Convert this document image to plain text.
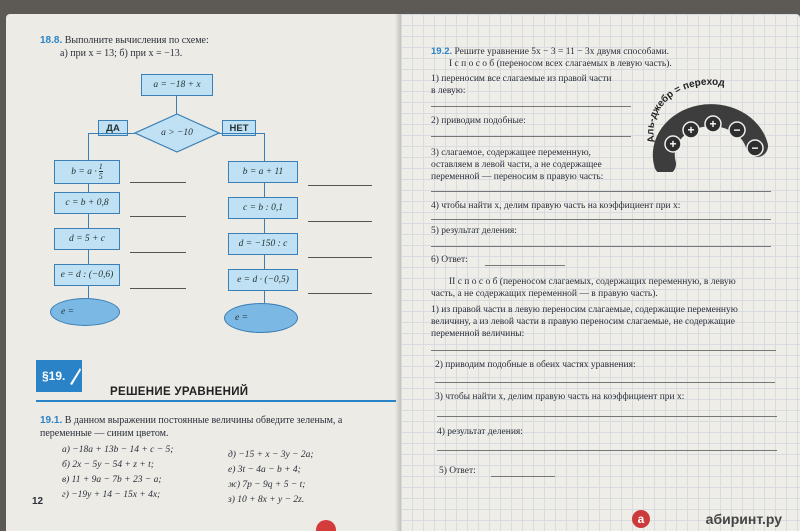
18.8. Выполните вычисления по схеме:
а) при x = 13; б) при x = −13.
a = −18 + x
a > −10
ДА	НЕТ
$b = a \cdot \frac{1}{5}$
c = b + 0,8
d = 5 + c
e = d : (−0,6)
e =
b = a + 11
c = b : 0,1
d = −150 : c
e = d · (−0,5)
e =
§19.
РЕШЕНИЕ УРАВНЕНИЙ
19.1. В данном выражении постоянные величины обведите зеленым, а
переменные — синим цветом.
а) −18a + 13b − 14 + c − 5;
б) 2x − 5y − 54 + z + t;
в) 11 + 9a − 7b + 23 − a;
г) −19y + 14 − 15x + 4x;
д) −15 + x − 3y − 2a;
е) 3t − 4a − b + 4;
ж) 7p − 9q + 5 − t;
з) 10 + 8x + y − 2z.
12
19.2. Решите уравнение 5x − 3 = 11 − 3x двумя способами.
I с п о с о б (переносом всех слагаемых в левую часть).
1) переносим все слагаемые из правой части
в левую:
2) приводим подобные:
3) слагаемое, содержащее переменную,
оставляем в левой части, а не содержащее
переменной — переносим в правую часть:
4) чтобы найти x, делим правую часть на коэффициент при x:
5) результат деления:
6) Ответ:
II с п о с о б (переносом слагаемых, содержащих переменную, в левую
часть, а не содержащих переменной — в правую часть).
1) из правой части в левую переносим слагаемые, содержащие переменную
величину, а из левой части в правую переносим слагаемые, не содержащие
переменной величины:
2) приводим подобные в обеих частях уравнения:
3) чтобы найти x, делим правую часть на коэффициент при x:
4) результат деления:
5) Ответ:
Аль-джебр = переход
+
+ + −
−
a	абиринт.ру
